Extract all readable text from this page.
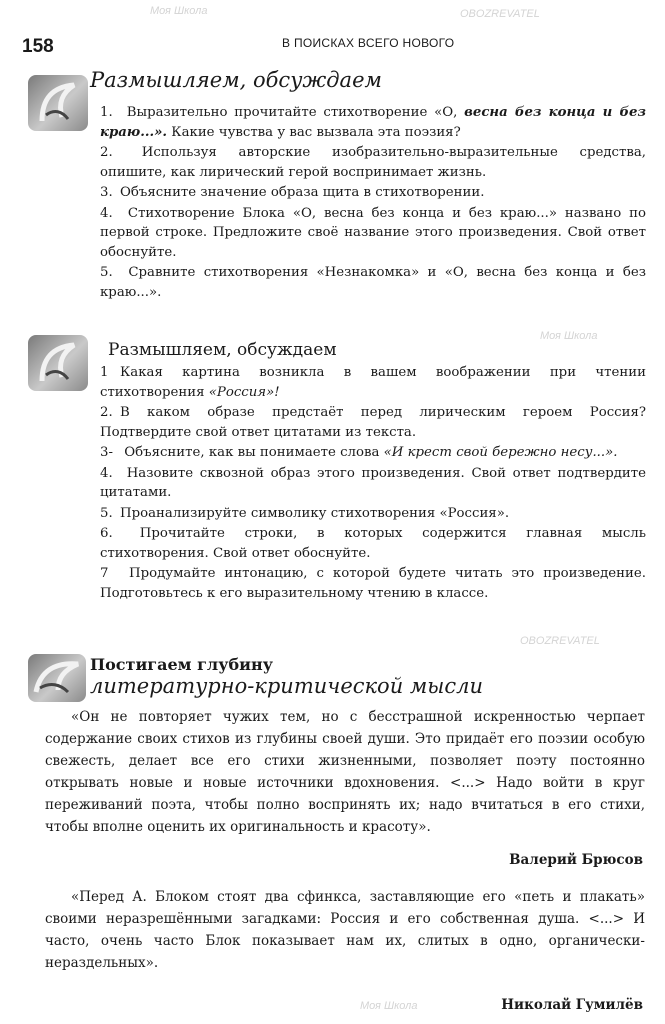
Моя Школа	OBOZREVATEL
Моя Школа
OBOZREVATEL
Моя Школа
158	В ПОИСКАХ ВСЕГО НОВОГО
Размышляем, обсуждаем
1. Выразительно прочитайте стихотворение «О, весна без конца и без краю...». Какие чувства у вас вызвала эта поэзия?
2. Используя авторские изобразительно-выразительные средства, опишите, как лирический герой воспринимает жизнь.
3. Объясните значение образа щита в стихотворении.
4. Стихотворение Блока «О, весна без конца и без краю...» названо по первой строке. Предложите своё название этого произведения. Свой ответ обоснуйте.
5. Сравните стихотворения «Незнакомка» и «О, весна без конца и без краю...».
Размышляем, обсуждаем
1 Какая картина возникла в вашем воображении при чтении стихотворения «Россия»!
2. В каком образе предстаёт перед лирическим героем Россия? Подтвердите свой ответ цитатами из текста.
3- Объясните, как вы понимаете слова «И крест свой бережно несу...».
4. Назовите сквозной образ этого произведения. Свой ответ подтвердите цитатами.
5. Проанализируйте символику стихотворения «Россия».
6. Прочитайте строки, в которых содержится главная мысль стихотворения. Свой ответ обоснуйте.
7 Продумайте интонацию, с которой будете читать это произведение. Подготовьтесь к его выразительному чтению в классе.
Постигаем глубину
литературно-критической мысли

«Он не повторяет чужих тем, но с бесстрашной искренностью черпает содержание своих стихов из глубины своей души. Это придаёт его поэзии особую свежесть, делает все его стихи жизненными, позволяет поэту постоянно открывать новые и новые источники вдохновения. <...> Надо войти в круг переживаний поэта, чтобы полно воспринять их; надо вчитаться в его стихи, чтобы вполне оценить их оригинальность и красоту».

Валерий Брюсов

«Перед А. Блоком стоят два сфинкса, заставляющие его «петь и плакать» своими неразрешёнными загадками: Россия и его собственная душа. <...> И часто, очень часто Блок показывает нам их, слитых в одно, органически-нераздельных».

Николай Гумилёв
